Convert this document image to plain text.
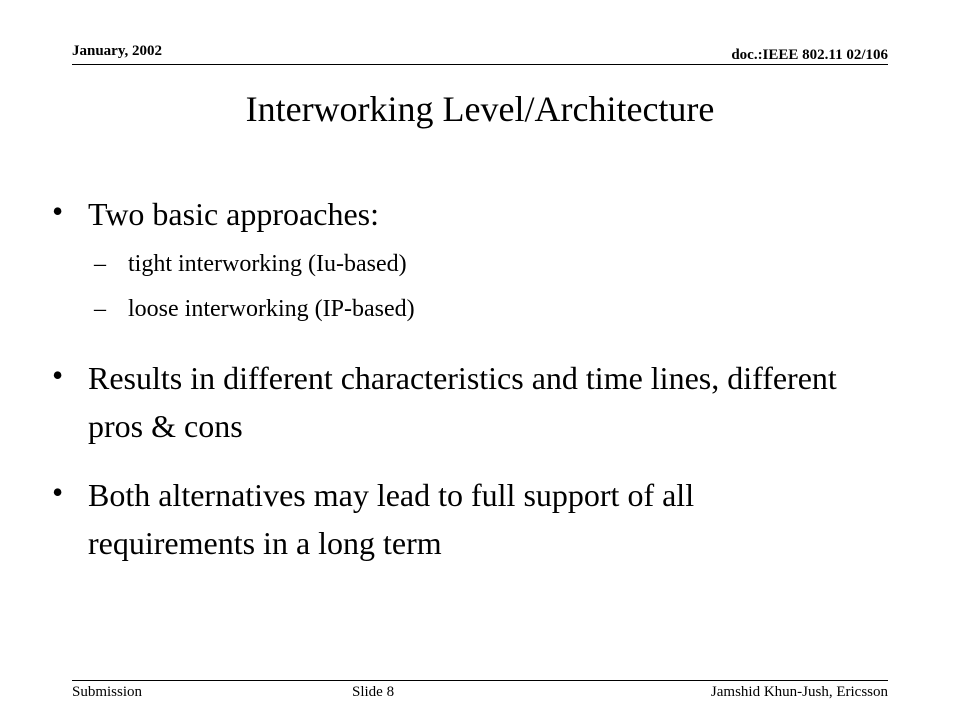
January, 2002	doc.:IEEE 802.11 02/106
Interworking Level/Architecture
• Two basic approaches:
– tight interworking (Iu-based)
– loose interworking (IP-based)
• Results in different characteristics and time lines, different pros & cons
• Both alternatives may lead to full support of all requirements in a long term
Submission	Slide 8	Jamshid Khun-Jush, Ericsson
